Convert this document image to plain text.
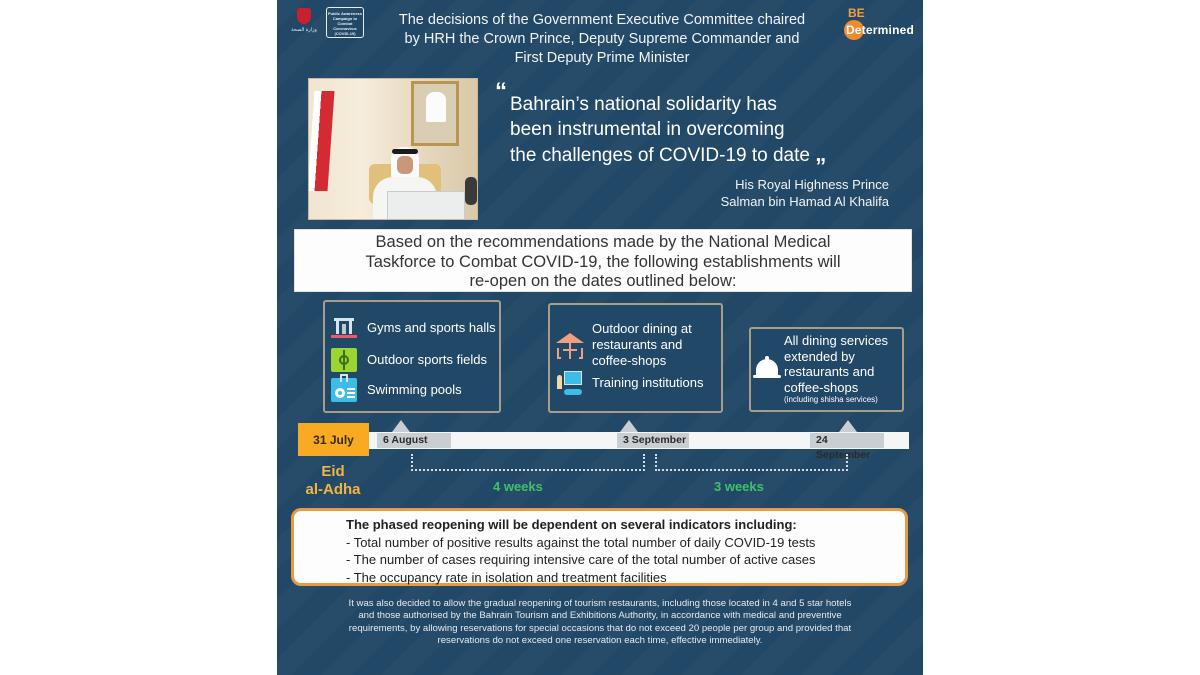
وزارة الصحة
Public Awareness Campaign to Combat Coronavirus (COVID-19)
The decisions of the Government Executive Committee chaired
by HRH the Crown Prince, Deputy Supreme Commander and
First Deputy Prime Minister
BE
Determined
“ Bahrain’s national solidarity has
been instrumental in overcoming
the challenges of COVID-19 to date „
His Royal Highness Prince
Salman bin Hamad Al Khalifa
Based on the recommendations made by the National Medical
Taskforce to Combat COVID-19, the following establishments will
re-open on the dates outlined below:
Gyms and sports halls
Outdoor sports fields
Swimming pools
Outdoor dining at
restaurants and
coffee-shops
Training institutions
All dining services
extended by
restaurants and
coffee-shops
(including shisha services)
31 July
Eid
al-Adha
6 August	3 September	24 September
4 weeks	3 weeks
The phased reopening will be dependent on several indicators including:
- Total number of positive results against the total number of daily COVID-19 tests
- The number of cases requiring intensive care of the total number of active cases
- The occupancy rate in isolation and treatment facilities
It was also decided to allow the gradual reopening of tourism restaurants, including those located in 4 and 5 star hotels
and those authorised by the Bahrain Tourism and Exhibitions Authority, in accordance with medical and preventive
requirements, by allowing reservations for special occasions that do not exceed 20 people per group and provided that
reservations do not exceed one reservation each time, effective immediately.
